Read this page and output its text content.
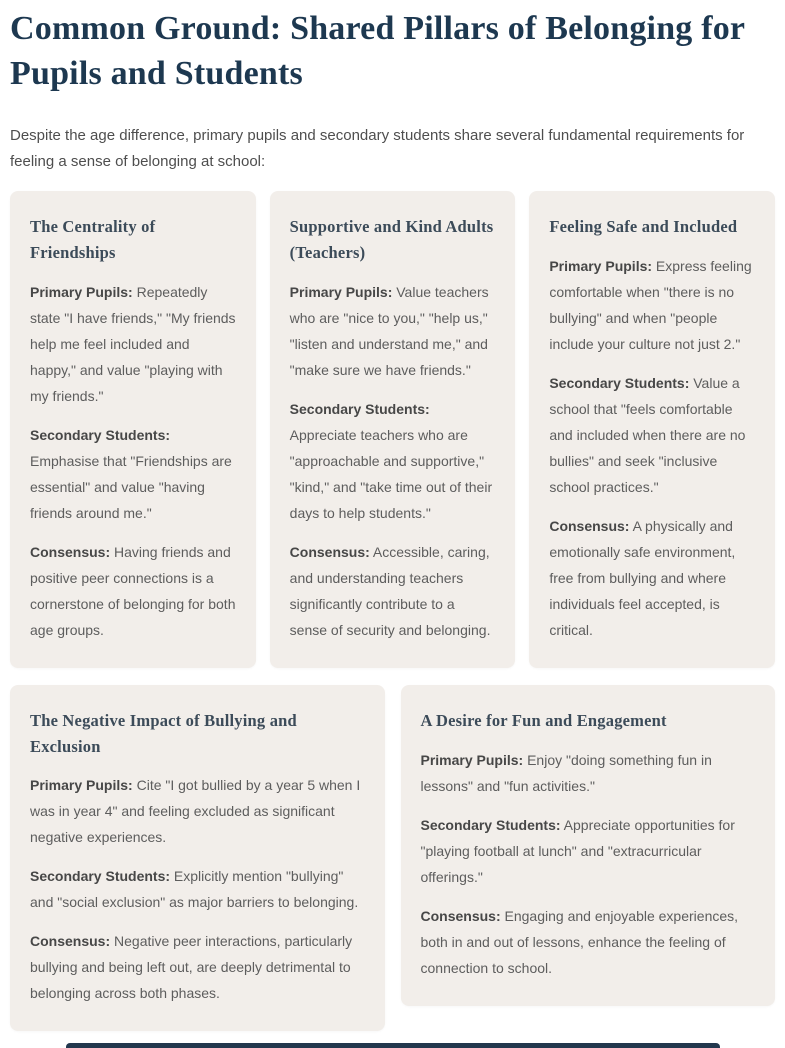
Common Ground: Shared Pillars of Belonging for Pupils and Students

Despite the age difference, primary pupils and secondary students share several fundamental requirements for feeling a sense of belonging at school:

The Centrality of Friendships

Primary Pupils: Repeatedly state "I have friends," "My friends help me feel included and happy," and value "playing with my friends."

Secondary Students: Emphasise that "Friendships are essential" and value "having friends around me."

Consensus: Having friends and positive peer connections is a cornerstone of belonging for both age groups.

Supportive and Kind Adults (Teachers)

Primary Pupils: Value teachers who are "nice to you," "help us," "listen and understand me," and "make sure we have friends."

Secondary Students: Appreciate teachers who are "approachable and supportive," "kind," and "take time out of their days to help students."

Consensus: Accessible, caring, and understanding teachers significantly contribute to a sense of security and belonging.

Feeling Safe and Included

Primary Pupils: Express feeling comfortable when "there is no bullying" and when "people include your culture not just 2."

Secondary Students: Value a school that "feels comfortable and included when there are no bullies" and seek "inclusive school practices."

Consensus: A physically and emotionally safe environment, free from bullying and where individuals feel accepted, is critical.

The Negative Impact of Bullying and Exclusion

Primary Pupils: Cite "I got bullied by a year 5 when I was in year 4" and feeling excluded as significant negative experiences.

Secondary Students: Explicitly mention "bullying" and "social exclusion" as major barriers to belonging.

Consensus: Negative peer interactions, particularly bullying and being left out, are deeply detrimental to belonging across both phases.

A Desire for Fun and Engagement

Primary Pupils: Enjoy "doing something fun in lessons" and "fun activities."

Secondary Students: Appreciate opportunities for "playing football at lunch" and "extracurricular offerings."

Consensus: Engaging and enjoyable experiences, both in and out of lessons, enhance the feeling of connection to school.
